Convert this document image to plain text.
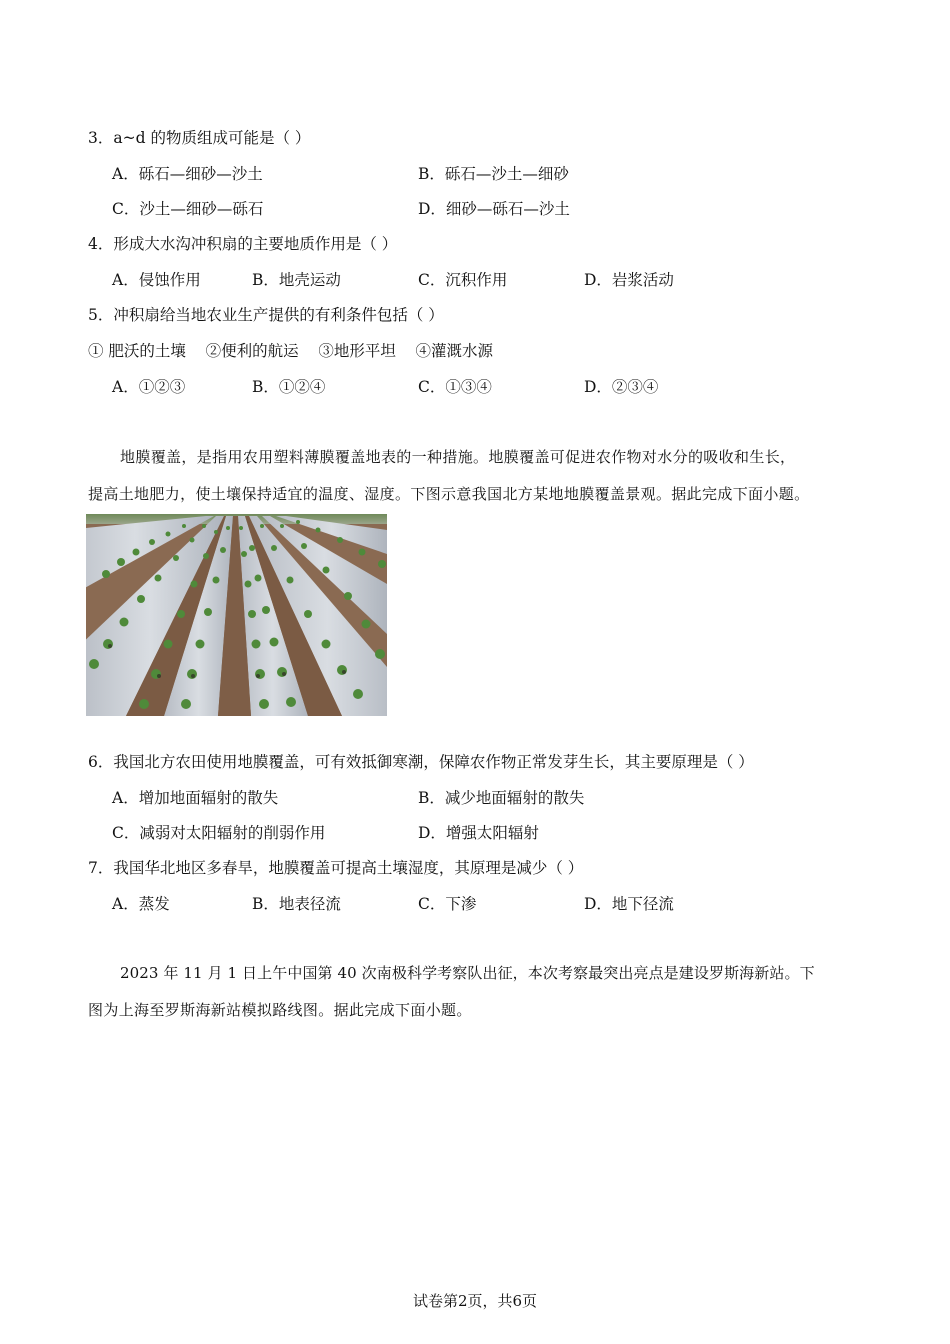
3．a~d 的物质组成可能是（ ）
A．砾石—细砂—沙土	B．砾石—沙土—细砂
C．沙土—细砂—砾石	D．细砂—砾石—沙土
4．形成大水沟冲积扇的主要地质作用是（ ）
A．侵蚀作用	B．地壳运动	C．沉积作用	D．岩浆活动
5．冲积扇给当地农业生产提供的有利条件包括（ ）
① 肥沃的土壤    ②便利的航运    ③地形平坦    ④灌溉水源
A．①②③	B．①②④	C．①③④	D．②③④
地膜覆盖，是指用农用塑料薄膜覆盖地表的一种措施。地膜覆盖可促进农作物对水分的吸收和生长，
提高土地肥力，使土壤保持适宜的温度、湿度。下图示意我国北方某地地膜覆盖景观。据此完成下面小题。
6．我国北方农田使用地膜覆盖，可有效抵御寒潮，保障农作物正常发芽生长，其主要原理是（ ）
A．增加地面辐射的散失	B．减少地面辐射的散失
C．减弱对太阳辐射的削弱作用	D．增强太阳辐射
7．我国华北地区多春旱，地膜覆盖可提高土壤湿度，其原理是减少（ ）
A．蒸发	B．地表径流	C．下渗	D．地下径流
2023 年 11 月 1 日上午中国第 40 次南极科学考察队出征，本次考察最突出亮点是建设罗斯海新站。下
图为上海至罗斯海新站模拟路线图。据此完成下面小题。
试卷第2页，共6页
